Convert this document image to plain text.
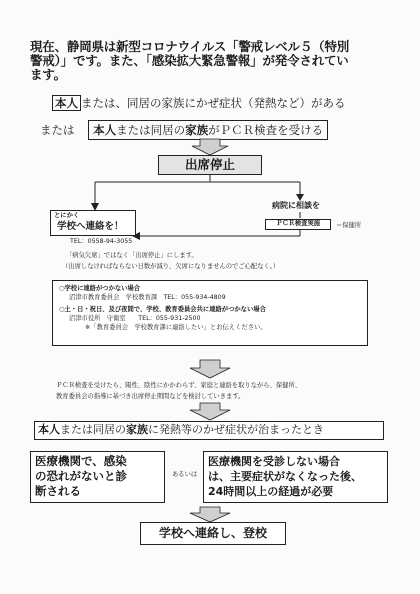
現在、静岡県は新型コロナウイルス「警戒レベル５（特別
警戒）」です。また、「感染拡大緊急警報」が発令されてい
ます。
本人 または、同居の家族にかぜ症状（発熱など）がある
または 本人または同居の家族がＰＣＲ検査を受ける
出席停止
病院に相談を
ＰＣＲ検査実施	＝保健所
とにかく
学校へ連絡を！
TEL：0558-94-3055
「病気欠席」ではなく「出席停止」にします。
（出席しなければならない日数が減り、欠席になりませんのでご心配なく。）
○学校に連絡がつかない場合
沼津市教育委員会　学校教育課　TEL：055-934-4809
○土・日・祝日、及び夜間で、学校、教育委員会共に連絡がつかない場合
沼津市役所　守衛室　　TEL：055-931-2500
※「教育委員会　学校教育課に連絡したい」とお伝えください。
ＰＣＲ検査を受けたら、陽性、陰性にかかわらず、家庭と連絡を取りながら、保健所、
教育委員会の指導に基づき出席停止期間などを検討していきます。
本人または同居の家族に発熱等のかぜ症状が治まったとき
医療機関で、感染
の恐れがないと診
断される
あるいは
医療機関を受診しない場合
は、主要症状がなくなった後、
24時間以上の経過が必要
学校へ連絡し、登校
